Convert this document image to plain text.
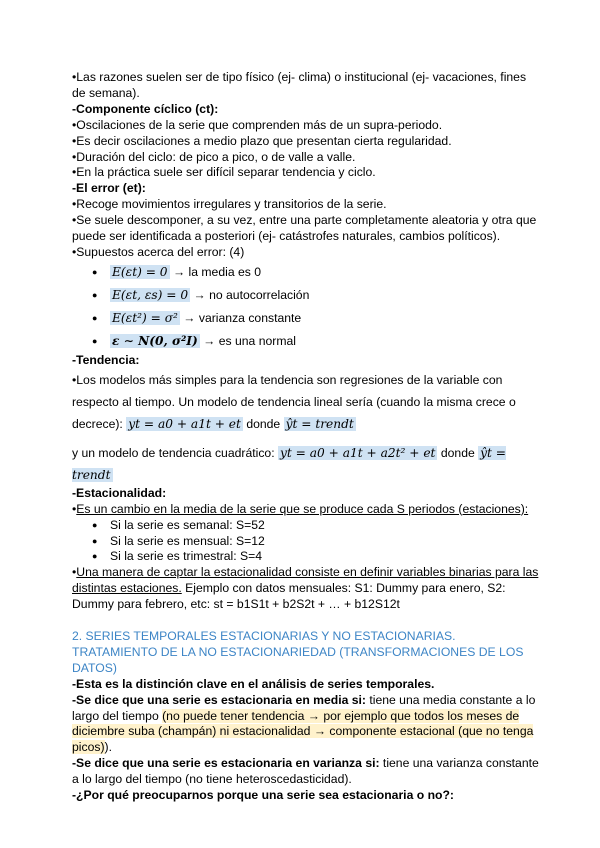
•Las razones suelen ser de tipo físico (ej- clima) o institucional (ej- vacaciones, fines de semana).

-Componente cíclico (ct):

•Oscilaciones de la serie que comprenden más de un supra-periodo.

•Es decir oscilaciones a medio plazo que presentan cierta regularidad.

•Duración del ciclo: de pico a pico, o de valle a valle.

•En la práctica suele ser difícil separar tendencia y ciclo.

-El error (et):

•Recoge movimientos irregulares y transitorios de la serie.

•Se suele descomponer, a su vez, entre una parte completamente aleatoria y otra que puede ser identificada a posteriori (ej- catástrofes naturales, cambios políticos).

•Supuestos acerca del error: (4)

● E(εt) = 0 → la media es 0
● E(εt, εs) = 0 → no autocorrelación
● E(εt²) = σ² → varianza constante
● ε ∼ N(0, σ²I) → es una normal

-Tendencia:

•Los modelos más simples para la tendencia son regresiones de la variable con respecto al tiempo. Un modelo de tendencia lineal sería (cuando la misma crece o decrece): yt = a0 + a1t + et donde ŷt = trendt

y un modelo de tendencia cuadrático: yt = a0 + a1t + a2t² + et donde ŷt = trendt

-Estacionalidad:

•Es un cambio en la media de la serie que se produce cada S periodos (estaciones):

● Si la serie es semanal: S=52
● Si la serie es mensual: S=12
● Si la serie es trimestral: S=4

•Una manera de captar la estacionalidad consiste en definir variables binarias para las distintas estaciones. Ejemplo con datos mensuales: S1: Dummy para enero, S2: Dummy para febrero, etc: st = b1S1t + b2S2t + … + b12S12t

2. SERIES TEMPORALES ESTACIONARIAS Y NO ESTACIONARIAS. TRATAMIENTO DE LA NO ESTACIONARIEDAD (TRANSFORMACIONES DE LOS DATOS)

-Esta es la distinción clave en el análisis de series temporales.

-Se dice que una serie es estacionaria en media si: tiene una media constante a lo largo del tiempo (no puede tener tendencia → por ejemplo que todos los meses de diciembre suba (champán) ni estacionalidad → componente estacional (que no tenga picos)).

-Se dice que una serie es estacionaria en varianza si: tiene una varianza constante a lo largo del tiempo (no tiene heteroscedasticidad).

-¿Por qué preocuparnos porque una serie sea estacionaria o no?:
